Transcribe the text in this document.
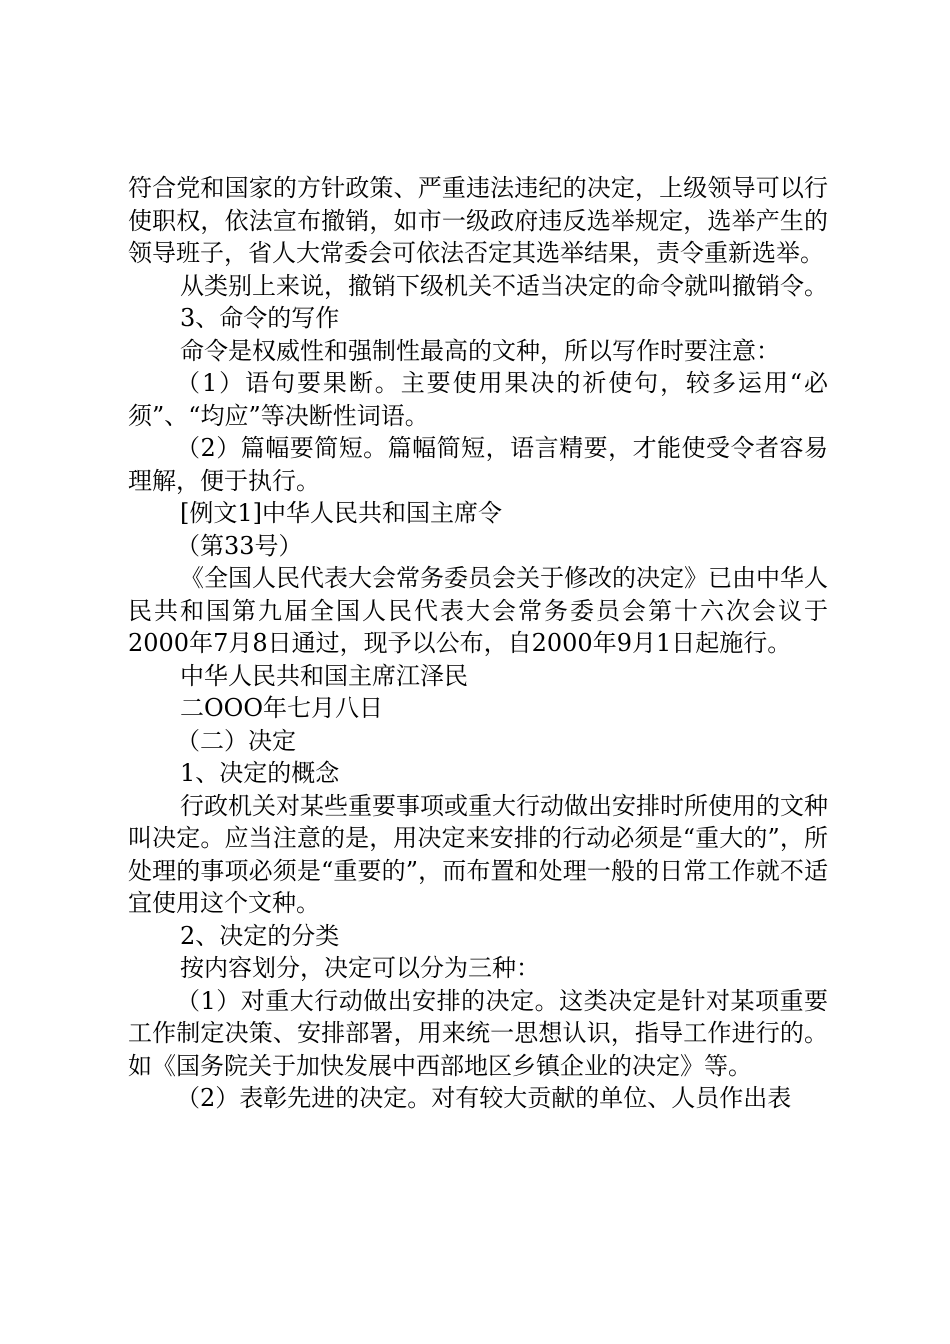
符合党和国家的方针政策、严重违法违纪的决定，上级领导可以行使职权，依法宣布撤销，如市一级政府违反选举规定，选举产生的领导班子，省人大常委会可依法否定其选举结果，责令重新选举。

从类别上来说，撤销下级机关不适当决定的命令就叫撤销令。

3、命令的写作

命令是权威性和强制性最高的文种，所以写作时要注意：

（1）语句要果断。主要使用果决的祈使句，较多运用“必须”、“均应”等决断性词语。

（2）篇幅要简短。篇幅简短，语言精要，才能使受令者容易理解，便于执行。

[例文1]中华人民共和国主席令

（第33号）

《全国人民代表大会常务委员会关于修改的决定》已由中华人民共和国第九届全国人民代表大会常务委员会第十六次会议于2000年7月8日通过，现予以公布，自2000年9月1日起施行。

中华人民共和国主席江泽民

二OOO年七月八日

（二）决定

1、决定的概念

行政机关对某些重要事项或重大行动做出安排时所使用的文种叫决定。应当注意的是，用决定来安排的行动必须是“重大的”，所处理的事项必须是“重要的”，而布置和处理一般的日常工作就不适宜使用这个文种。

2、决定的分类

按内容划分，决定可以分为三种：

（1）对重大行动做出安排的决定。这类决定是针对某项重要工作制定决策、安排部署，用来统一思想认识，指导工作进行的。如《国务院关于加快发展中西部地区乡镇企业的决定》等。

（2）表彰先进的决定。对有较大贡献的单位、人员作出表
